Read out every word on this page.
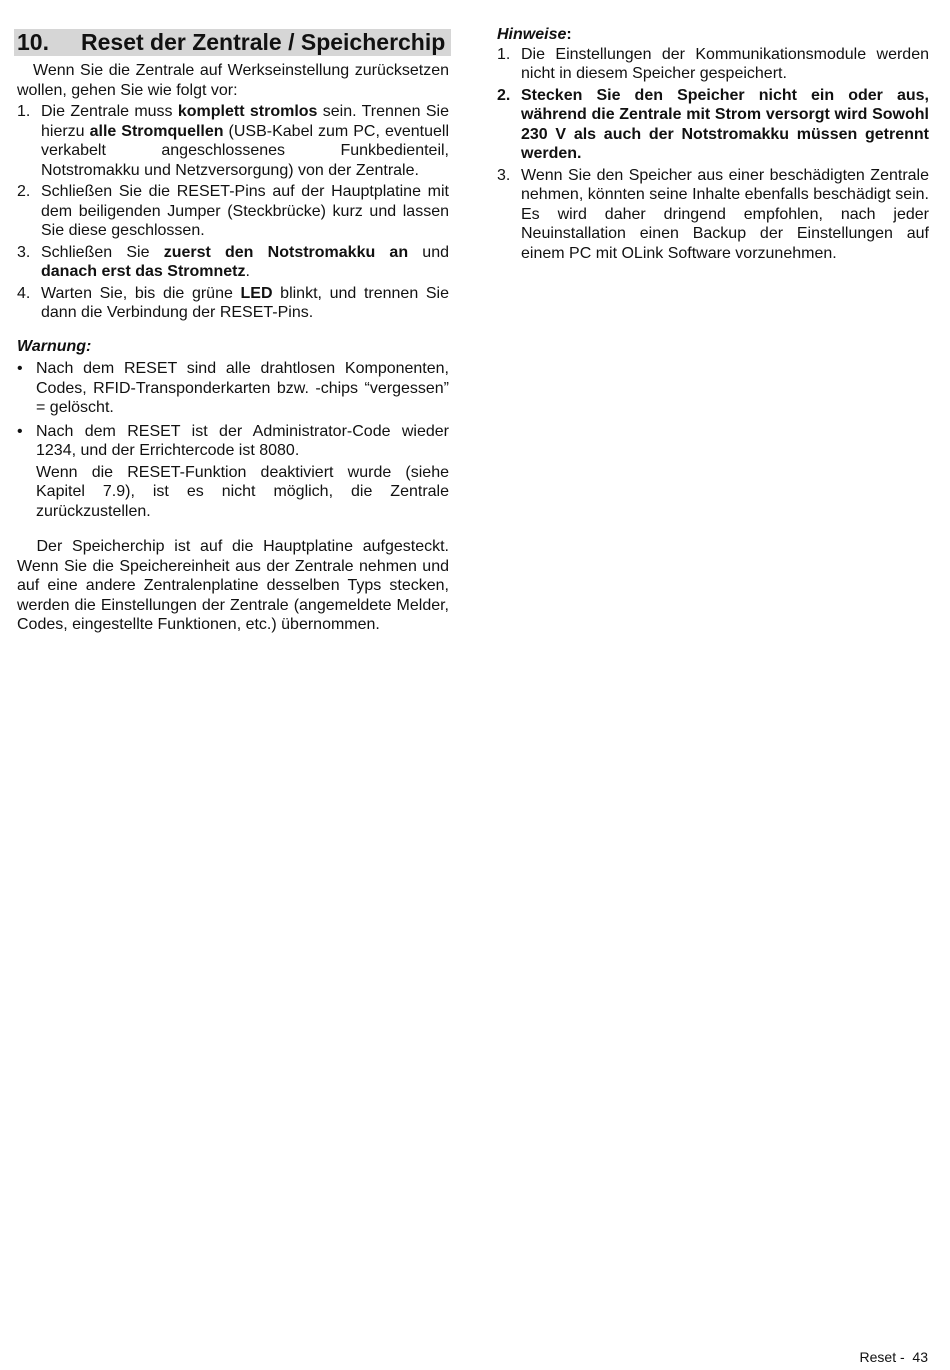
10. Reset der Zentrale / Speicherchip

Wenn Sie die Zentrale auf Werkseinstellung zurücksetzen wollen, gehen Sie wie folgt vor:

1. Die Zentrale muss komplett stromlos sein. Trennen Sie hierzu alle Stromquellen (USB-Kabel zum PC, eventuell verkabelt angeschlossenes Funkbedienteil, Notstromakku und Netzversorgung) von der Zentrale.
2. Schließen Sie die RESET-Pins auf der Hauptplatine mit dem beiligenden Jumper (Steckbrücke) kurz und lassen Sie diese geschlossen.
3. Schließen Sie zuerst den Notstromakku an und danach erst das Stromnetz.
4. Warten Sie, bis die grüne LED blinkt, und trennen Sie dann die Verbindung der RESET-Pins.

Warnung:

• Nach dem RESET sind alle drahtlosen Komponenten, Codes, RFID-Transponderkarten bzw. -chips “vergessen” = gelöscht.
• Nach dem RESET ist der Administrator-Code wieder 1234, und der Errichtercode ist 8080.
Wenn die RESET-Funktion deaktiviert wurde (siehe Kapitel 7.9), ist es nicht möglich, die Zentrale zurückzustellen.

Der Speicherchip ist auf die Hauptplatine aufgesteckt. Wenn Sie die Speichereinheit aus der Zentrale nehmen und auf eine andere Zentralenplatine desselben Typs stecken, werden die Einstellungen der Zentrale (angemeldete Melder, Codes, eingestellte Funktionen, etc.) übernommen.

Hinweise:

1. Die Einstellungen der Kommunikationsmodule werden nicht in diesem Speicher gespeichert.
2. Stecken Sie den Speicher nicht ein oder aus, während die Zentrale mit Strom versorgt wird Sowohl 230 V als auch der Notstromakku müssen getrennt werden.
3. Wenn Sie den Speicher aus einer beschädigten Zentrale nehmen, könnten seine Inhalte ebenfalls beschädigt sein. Es wird daher dringend empfohlen, nach jeder Neuinstallation einen Backup der Einstellungen auf einem PC mit OLink Software vorzunehmen.
Reset - 43
